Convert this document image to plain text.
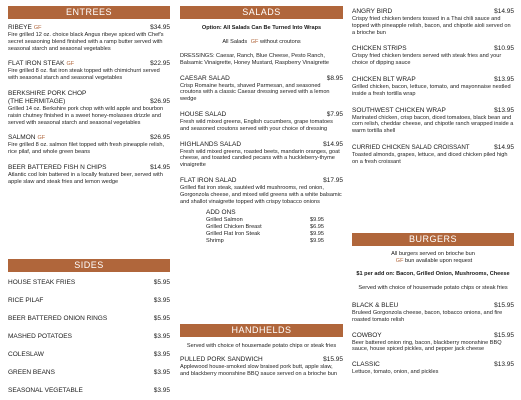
ENTREES
RIBEYE GF	$34.95
Fire grilled 12 oz. choice black Angus ribeye spiced with Chef's secret seasoning blend finished with a ramp butter served with seasonal starch and seasonal vegetables
FLAT IRON STEAK GF	$22.95
Fire grilled 8 oz. flat iron steak topped with chimichurri served with seasonal starch and seasonal vegetables
BERKSHIRE PORK CHOP
(THE HERMITAGE)	$26.95
Grilled 14 oz. Berkshire pork chop with wild apple and bourbon raisin chutney finished in a sweet honey-molasses drizzle and served with seasonal starch and seasonal vegetables
SALMON GF	$26.95
Fire grilled 8 oz. salmon filet topped with fresh pineapple relish, rice pilaf, and whole green beans
BEER BATTERED FISH N CHIPS	$14.95
Atlantic cod loin battered in a locally featured beer, served with apple slaw and steak fries and lemon wedge
SIDES
HOUSE STEAK FRIES	$5.95
RICE PILAF	$3.95
BEER BATTERED ONION RINGS	$5.95
MASHED POTATOES	$3.95
COLESLAW	$3.95
GREEN BEANS	$3.95
SEASONAL VEGETABLE	$3.95
SALADS
Option: All Salads Can Be Turned Into Wraps
All Salads GF without croutons
DRESSINGS: Caesar, Ranch, Blue Cheese, Pesto Ranch, Balsamic Vinaigrette, Honey Mustard, Raspberry Vinaigrette
CAESAR SALAD	$8.95
Crisp Romaine hearts, shaved Parmesan, and seasoned croutons with a classic Caesar dressing served with a lemon wedge
HOUSE SALAD	$7.95
Fresh wild mixed greens, English cucumbers, grape tomatoes and seasoned croutons served with your choice of dressing
HIGHLANDS SALAD	$14.95
Fresh wild mixed greens, roasted beets, mandarin oranges, goat cheese, and toasted candied pecans with a huckleberry-thyme vinaigrette
FLAT IRON SALAD	$17.95
Grilled flat iron steak, sautéed wild mushrooms, red onion, Gorgonzola cheese, and mixed wild greens with a white balsamic and shallot vinaigrette topped with crispy tobacco onions
ADD ONS
Grilled Salmon	$9.95
Grilled Chicken Breast	$6.95
Grilled Flat Iron Steak	$9.95
Shrimp	$9.95
HANDHELDS
Served with choice of housemade potato chips or steak fries
PULLED PORK SANDWICH	$15.95
Applewood house-smoked slow braised pork butt, apple slaw, and blackberry moonshine BBQ sauce served on a brioche bun
ANGRY BIRD	$14.95
Crispy fried chicken tenders tossed in a Thai chili sauce and topped with pineapple relish, bacon, and chipotle aioli served on a brioche bun
CHICKEN STRIPS	$10.95
Crispy fried chicken tenders served with steak fries and your choice of dipping sauce
CHICKEN BLT WRAP	$13.95
Grilled chicken, bacon, lettuce, tomato, and mayonnaise nestled inside a fresh tortilla wrap
SOUTHWEST CHICKEN WRAP	$13.95
Marinated chicken, crisp bacon, diced tomatoes, black bean and corn relish, cheddar cheese, and chipotle ranch wrapped inside a warm tortilla shell
CURRIED CHICKEN SALAD CROISSANT	$14.95
Toasted almonds, grapes, lettuce, and diced chicken piled high on a fresh croissant
BURGERS
All burgers served on brioche bun
GF bun available upon request
$1 per add on: Bacon, Grilled Onion, Mushrooms, Cheese
Served with choice of housemade potato chips or steak fries
BLACK & BLEU	$15.95
Bruleed Gorgonzola cheese, bacon, tobacco onions, and fire roasted tomato relish
COWBOY	$15.95
Beer battered onion ring, bacon, blackberry moonshine BBQ sauce, house spiced pickles, and pepper jack cheese
CLASSIC	$13.95
Lettuce, tomato, onion, and pickles
